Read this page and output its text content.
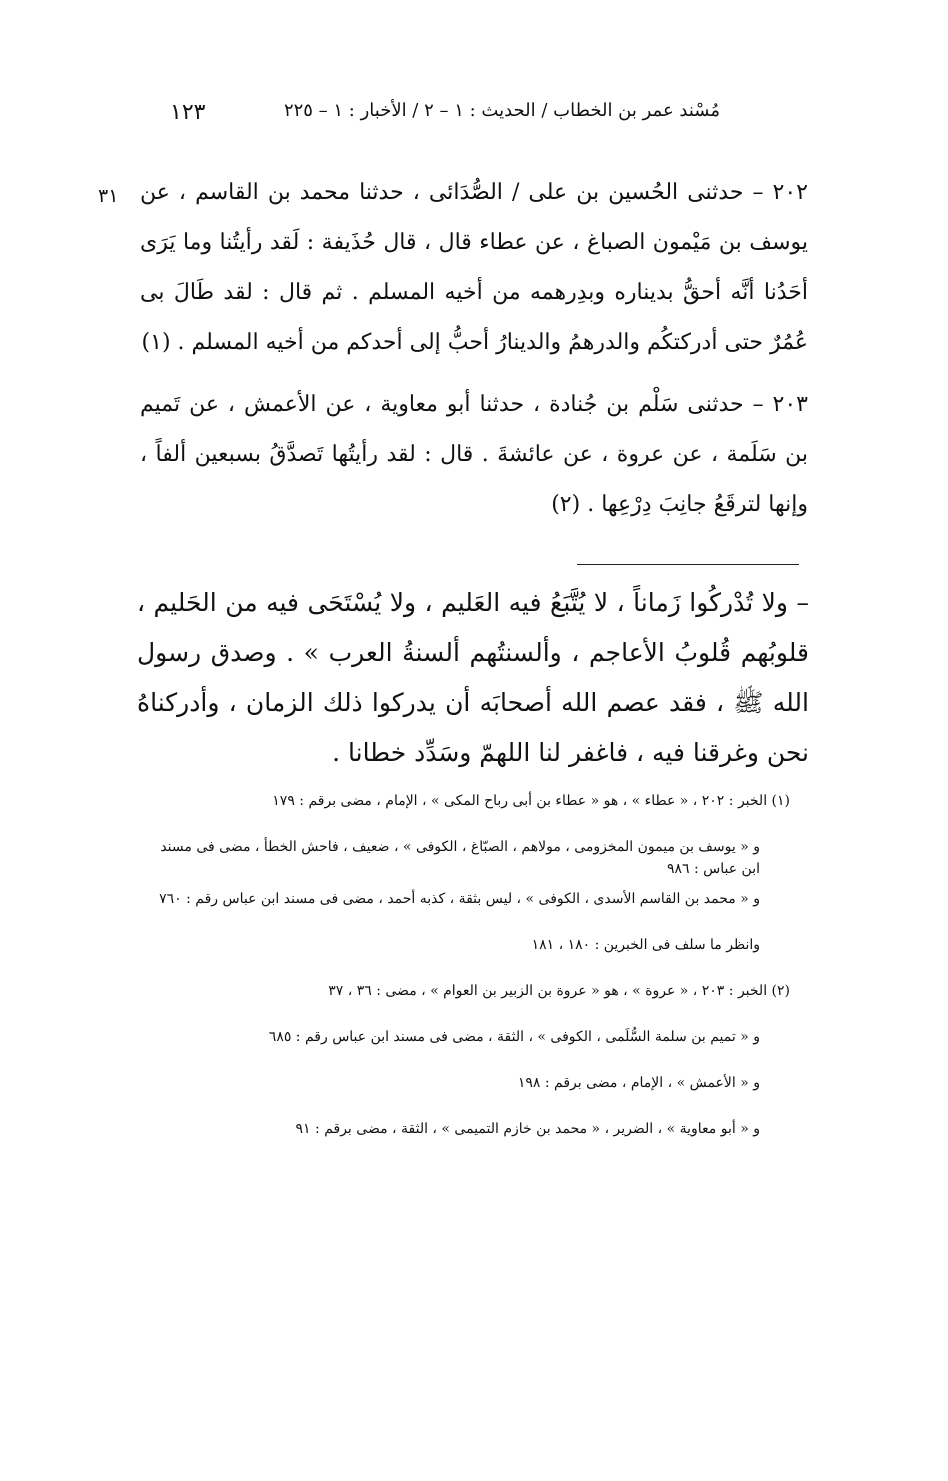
١٢٣	مُسْند عمر بن الخطاب / الحديث : ١ – ٢ / الأخبار : ١ – ٢٢٥
٣١ ٢٠٢ – حدثنى الحُسين بن على / الصُّدَائى ، حدثنا محمد بن القاسم ، عن يوسف بن مَيْمون الصباغ ، عن عطاء قال ، قال حُذَيفة : لَقد رأيتُنا وما يَرَى أحَدُنا أنَّه أحقُّ بديناره وبدِرهمه من أخيه المسلم . ثم قال : لقد طَالَ بى عُمُرٌ حتى أدركتكُم والدرهمُ والدينارُ أحبُّ إلى أحدكم من أخيه المسلم . (١)

٢٠٣ – حدثنى سَلْم بن جُنادة ، حدثنا أبو معاوية ، عن الأعمش ، عن تَميم بن سَلَمة ، عن عروة ، عن عائشةَ . قال : لقد رأيتُها تَصدَّقُ بسبعين ألفاً ، وإنها لترقَعُ جانِبَ دِرْعِها . (٢)

– ولا تُدْركُوا زَماناً ، لا يُتَّبَعُ فيه العَليم ، ولا يُسْتَحَى فيه من الحَليم ، قلوبُهم قُلوبُ الأعاجم ، وألسنتُهم ألسنةُ العرب » . وصدق رسول الله ﷺ ، فقد عصم الله أصحابَه أن يدركوا ذلك الزمان ، وأدركناهُ نحن وغرقنا فيه ، فاغفر لنا اللهمّ وسَدِّد خطانا .

(١) الخبر : ٢٠٢ ، « عطاء » ، هو « عطاء بن أبى رباح المكى » ، الإمام ، مضى برقم : ١٧٩

و « يوسف بن ميمون المخزومى ، مولاهم ، الصبّاغ ، الكوفى » ، ضعيف ، فاحش الخطأ ، مضى فى مسند ابن عباس : ٩٨٦

و « محمد بن القاسم الأسدى ، الكوفى » ، ليس بثقة ، كذبه أحمد ، مضى فى مسند ابن عباس رقم : ٧٦٠

وانظر ما سلف فى الخبرين : ١٨٠ ، ١٨١

(٢) الخبر : ٢٠٣ ، « عروة » ، هو « عروة بن الزبير بن العوام » ، مضى : ٣٦ ، ٣٧

و « تميم بن سلمة السُّلَمى ، الكوفى » ، الثقة ، مضى فى مسند ابن عباس رقم : ٦٨٥

و « الأعمش » ، الإمام ، مضى برقم : ١٩٨

و « أبو معاوية » ، الضرير ، « محمد بن خازم التميمى » ، الثقة ، مضى برقم : ٩١
